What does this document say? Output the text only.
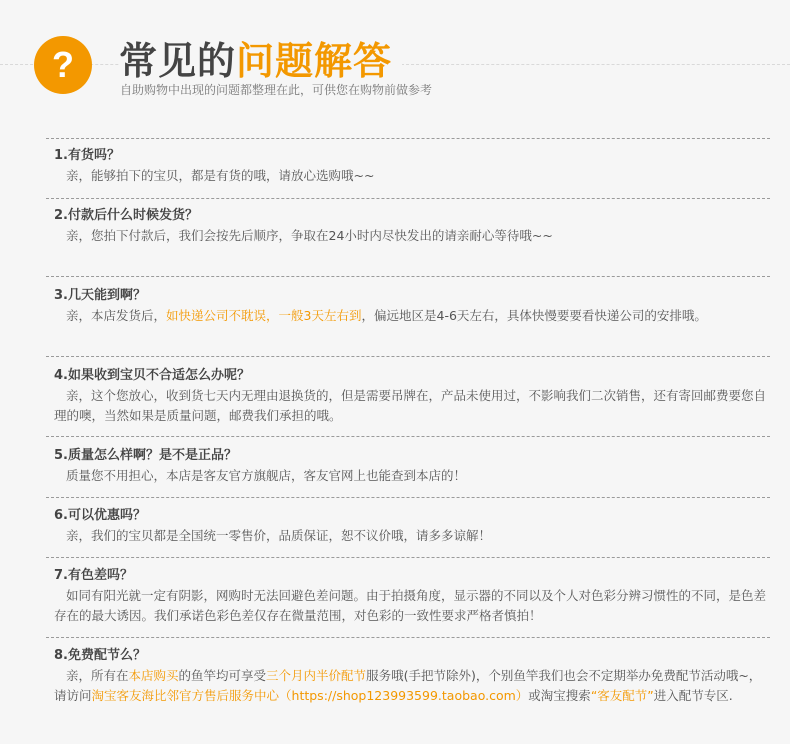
?	常见的问题解答
自助购物中出现的问题都整理在此，可供您在购物前做参考
1.有货吗？
亲，能够拍下的宝贝，都是有货的哦，请放心选购哦~~
2.付款后什么时候发货？
亲，您拍下付款后，我们会按先后顺序，争取在24小时内尽快发出的请亲耐心等待哦~~
3.几天能到啊？
亲，本店发货后，如快递公司不耽误，一般3天左右到，偏远地区是4-6天左右，具体快慢要要看快递公司的安排哦。
4.如果收到宝贝不合适怎么办呢？
亲，这个您放心，收到货七天内无理由退换货的，但是需要吊牌在，产品未使用过，不影响我们二次销售，还有寄回邮费要您自理的噢，当然如果是质量问题，邮费我们承担的哦。
5.质量怎么样啊？是不是正品？
质量您不用担心，本店是客友官方旗舰店，客友官网上也能查到本店的！
6.可以优惠吗？
亲，我们的宝贝都是全国统一零售价，品质保证，恕不议价哦，请多多谅解！
7.有色差吗？
如同有阳光就一定有阴影，网购时无法回避色差问题。由于拍摄角度，显示器的不同以及个人对色彩分辨习惯性的不同，是色差存在的最大诱因。我们承诺色彩色差仅存在微量范围，对色彩的一致性要求严格者慎拍！
8.免费配节么？
亲，所有在本店购买的鱼竿均可享受三个月内半价配节服务哦(手把节除外)，个别鱼竿我们也会不定期举办免费配节活动哦~，请访问淘宝客友海比邻官方售后服务中心（https://shop123993599.taobao.com）或淘宝搜索“客友配节”进入配节专区.
